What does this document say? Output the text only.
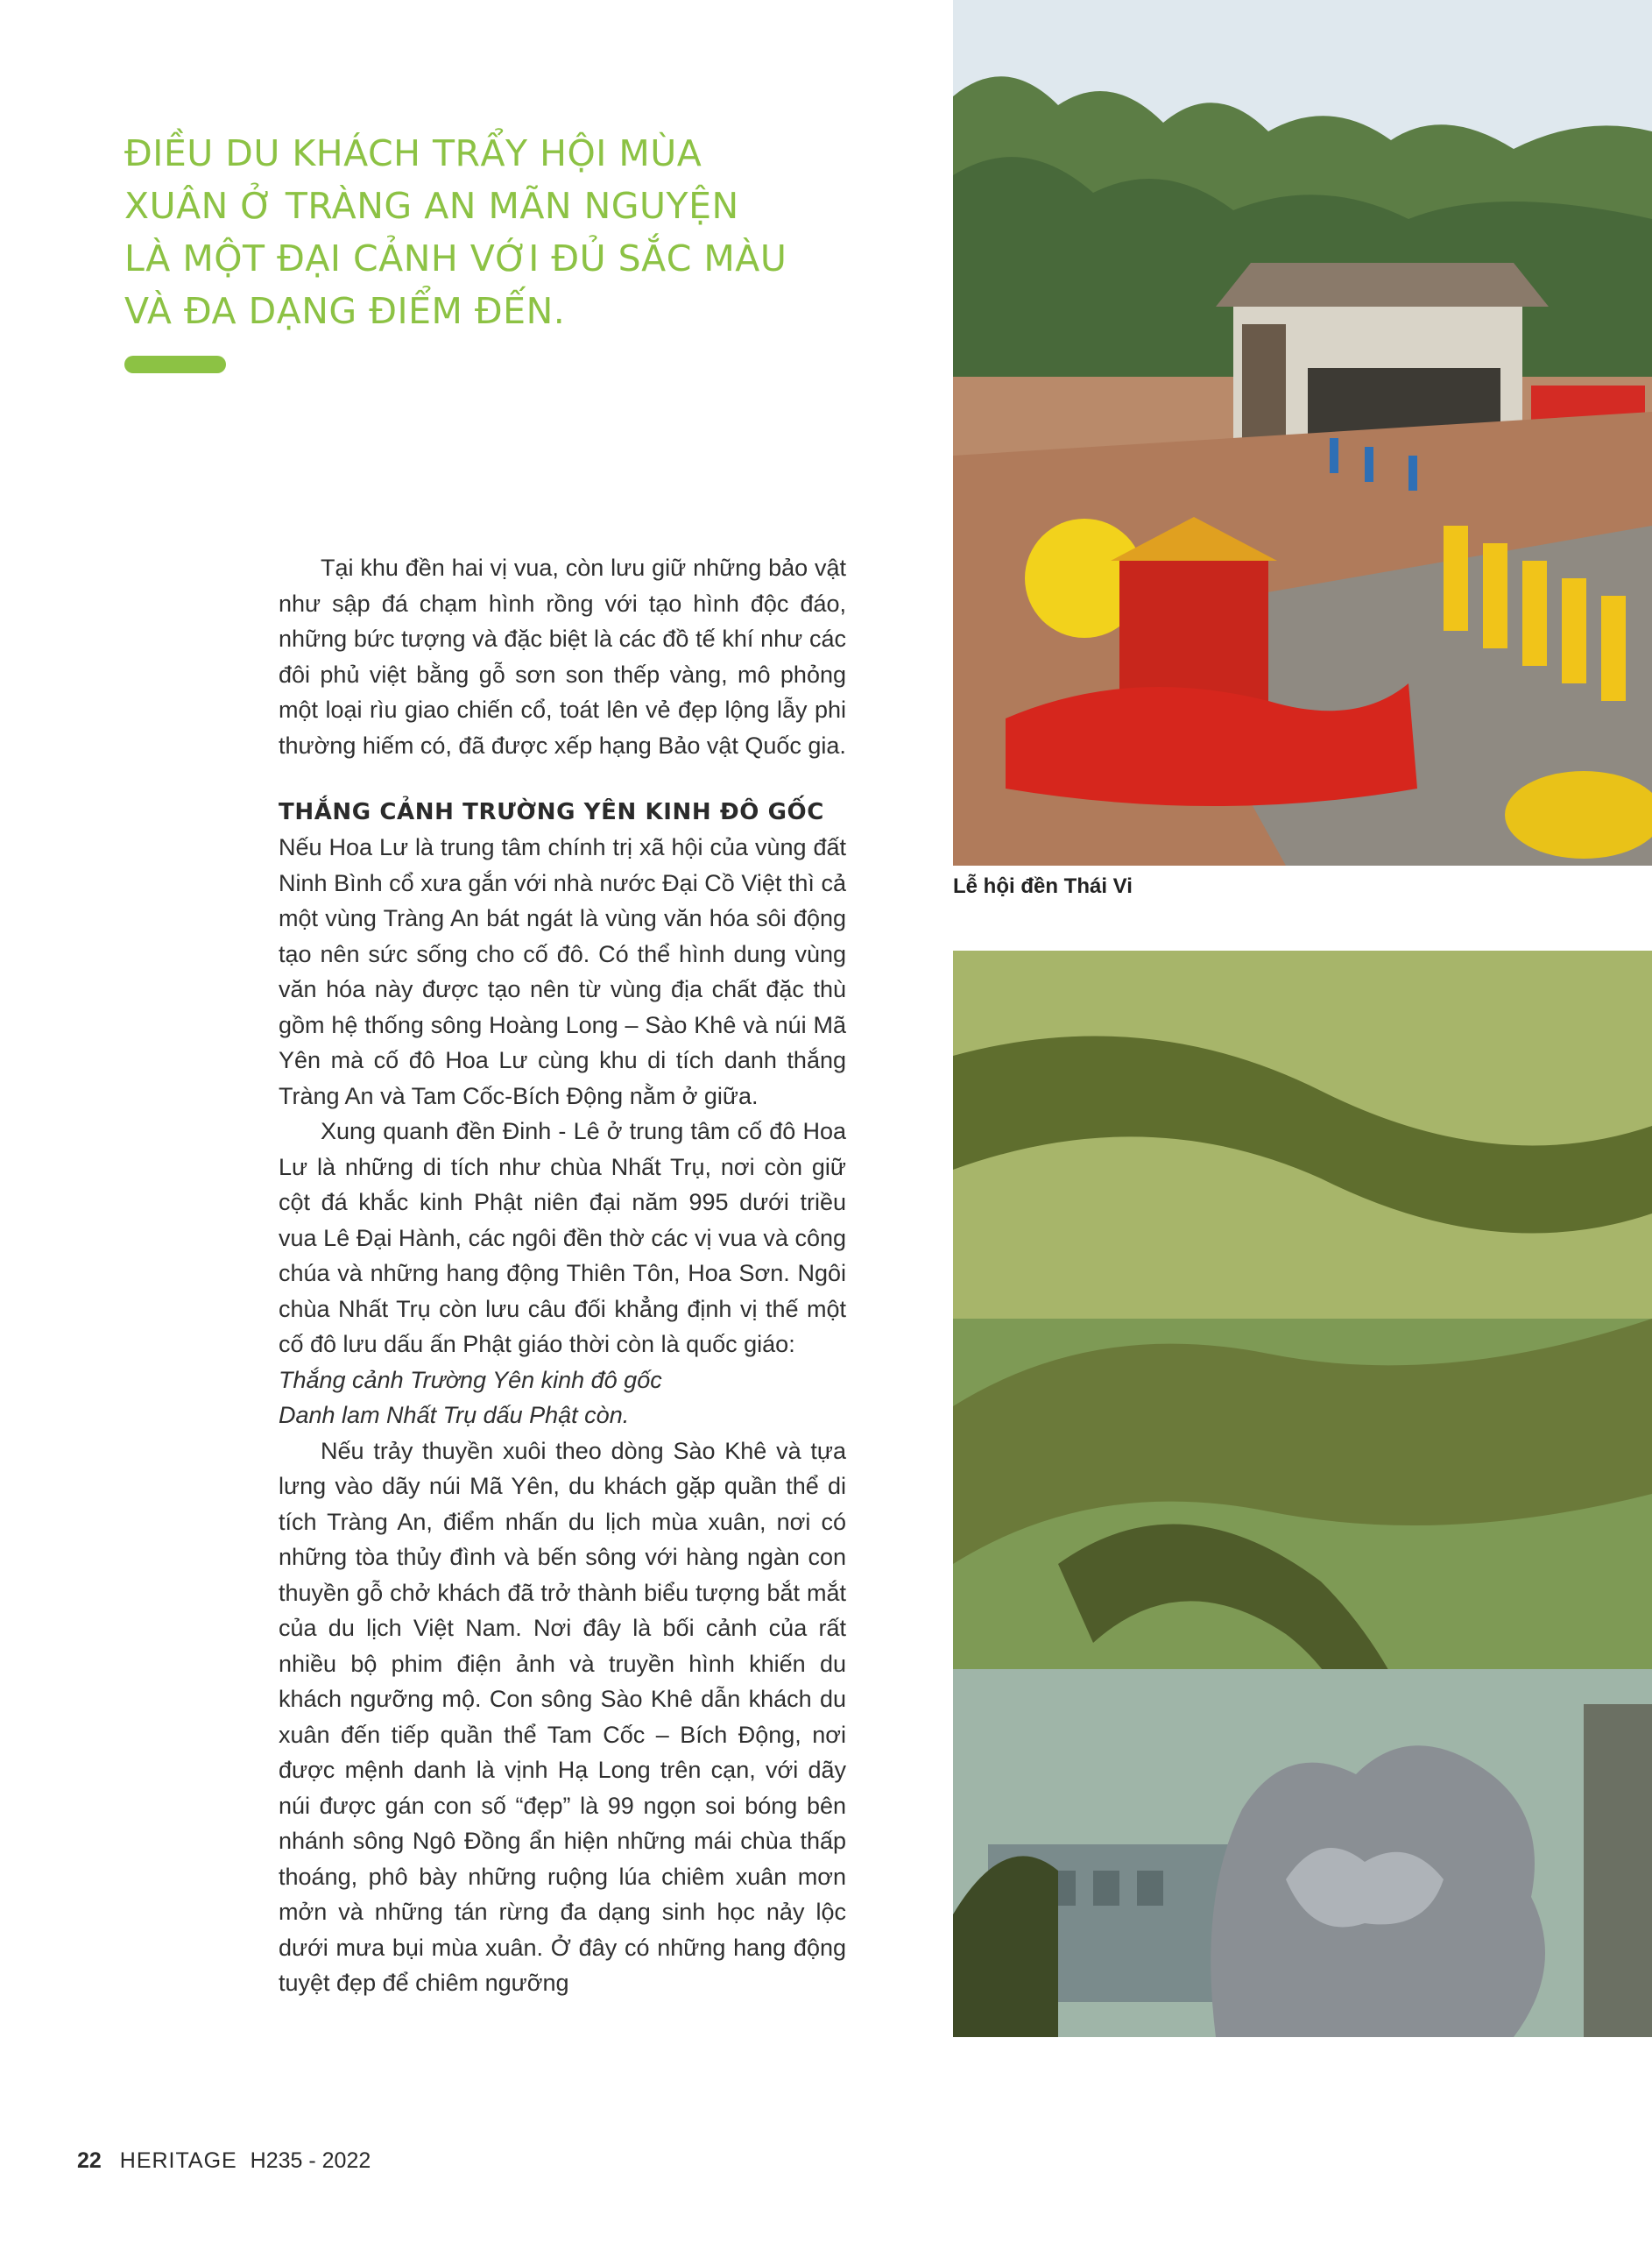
ĐIỀU DU KHÁCH TRẨY HỘI MÙA
XUÂN Ở TRÀNG AN MÃN NGUYỆN
LÀ MỘT ĐẠI CẢNH VỚI ĐỦ SẮC MÀU
VÀ ĐA DẠNG ĐIỂM ĐẾN.

Tại khu đền hai vị vua, còn lưu giữ những bảo vật như sập đá chạm hình rồng với tạo hình độc đáo, những bức tượng và đặc biệt là các đồ tế khí như các đôi phủ việt bằng gỗ sơn son thếp vàng, mô phỏng một loại rìu giao chiến cổ, toát lên vẻ đẹp lộng lẫy phi thường hiếm có, đã được xếp hạng Bảo vật Quốc gia.

THẮNG CẢNH TRƯỜNG YÊN KINH ĐÔ GỐC

Nếu Hoa Lư là trung tâm chính trị xã hội của vùng đất Ninh Bình cổ xưa gắn với nhà nước Đại Cồ Việt thì cả một vùng Tràng An bát ngát là vùng văn hóa sôi động tạo nên sức sống cho cố đô. Có thể hình dung vùng văn hóa này được tạo nên từ vùng địa chất đặc thù gồm hệ thống sông Hoàng Long – Sào Khê và núi Mã Yên mà cố đô Hoa Lư cùng khu di tích danh thắng Tràng An và Tam Cốc-Bích Động nằm ở giữa.

Xung quanh đền Đinh - Lê ở trung tâm cố đô Hoa Lư là những di tích như chùa Nhất Trụ, nơi còn giữ cột đá khắc kinh Phật niên đại năm 995 dưới triều vua Lê Đại Hành, các ngôi đền thờ các vị vua và công chúa và những hang động Thiên Tôn, Hoa Sơn. Ngôi chùa Nhất Trụ còn lưu câu đối khẳng định vị thế một cố đô lưu dấu ấn Phật giáo thời còn là quốc giáo:

Thắng cảnh Trường Yên kinh đô gốc

Danh lam Nhất Trụ dấu Phật còn.

Nếu trảy thuyền xuôi theo dòng Sào Khê và tựa lưng vào dãy núi Mã Yên, du khách gặp quần thể di tích Tràng An, điểm nhấn du lịch mùa xuân, nơi có những tòa thủy đình và bến sông với hàng ngàn con thuyền gỗ chở khách đã trở thành biểu tượng bắt mắt của du lịch Việt Nam. Nơi đây là bối cảnh của rất nhiều bộ phim điện ảnh và truyền hình khiến du khách ngưỡng mộ. Con sông Sào Khê dẫn khách du xuân đến tiếp quần thể Tam Cốc – Bích Động, nơi được mệnh danh là vịnh Hạ Long trên cạn, với dãy núi được gán con số “đẹp” là 99 ngọn soi bóng bên nhánh sông Ngô Đồng ẩn hiện những mái chùa thấp thoáng, phô bày những ruộng lúa chiêm xuân mơn mởn và những tán rừng đa dạng sinh học nảy lộc dưới mưa bụi mùa xuân. Ở đây có những hang động tuyệt đẹp để chiêm ngưỡng

Lễ hội đền Thái Vi
22 HERITAGE H235 - 2022
